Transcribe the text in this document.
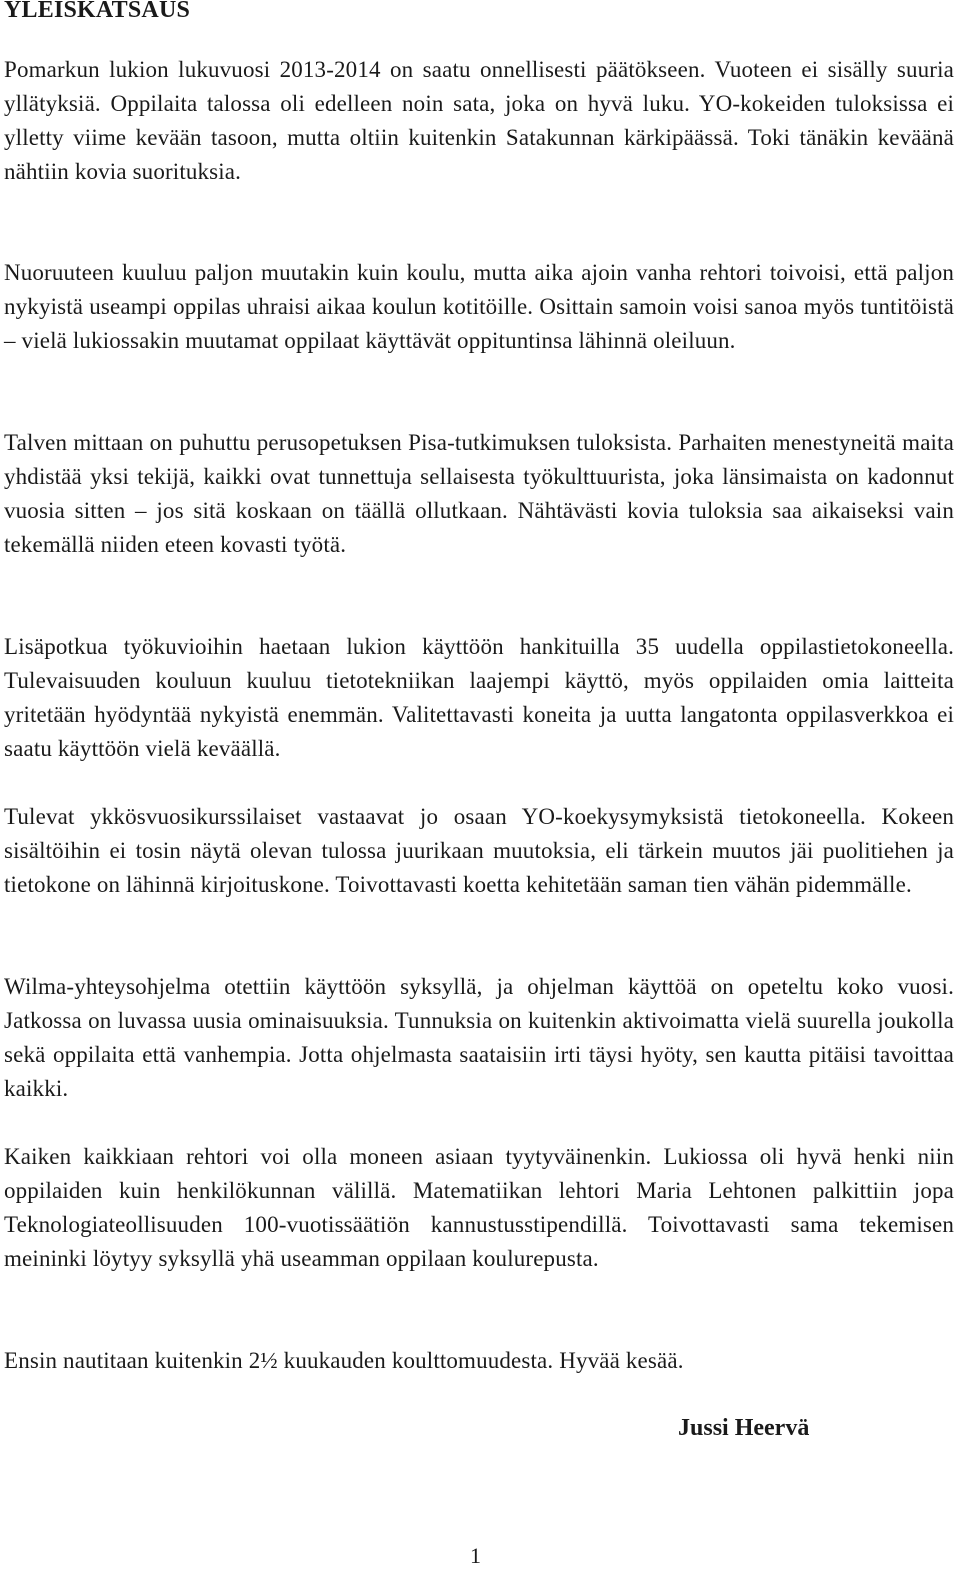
YLEISKATSAUS

Pomarkun lukion lukuvuosi 2013-2014 on saatu onnellisesti päätökseen. Vuoteen ei sisälly suuria yllätyksiä. Oppilaita talossa oli edelleen noin sata, joka on hyvä luku. YO-kokeiden tuloksissa ei ylletty viime kevään tasoon, mutta oltiin kuitenkin Satakunnan kärkipäässä. Toki tänäkin keväänä nähtiin kovia suorituksia.

Nuoruuteen kuuluu paljon muutakin kuin koulu, mutta aika ajoin vanha rehtori toivoisi, että paljon nykyistä useampi oppilas uhraisi aikaa koulun kotitöille. Osittain samoin voisi sanoa myös tuntitöistä – vielä lukiossakin muutamat oppilaat käyttävät oppituntinsa lähinnä oleiluun.

Talven mittaan on puhuttu perusopetuksen Pisa-tutkimuksen tuloksista. Parhaiten menestyneitä maita yhdistää yksi tekijä, kaikki ovat tunnettuja sellaisesta työkulttuurista, joka länsimaista on kadonnut vuosia sitten – jos sitä koskaan on täällä ollutkaan. Nähtävästi kovia tuloksia saa aikaiseksi vain tekemällä niiden eteen kovasti työtä.

Lisäpotkua työkuvioihin haetaan lukion käyttöön hankituilla 35 uudella oppilastietokoneella. Tulevaisuuden kouluun kuuluu tietotekniikan laajempi käyttö, myös oppilaiden omia laitteita yritetään hyödyntää nykyistä enemmän. Valitettavasti koneita ja uutta langatonta oppilasverkkoa ei saatu käyttöön vielä keväällä.

Tulevat ykkösvuosikurssilaiset vastaavat jo osaan YO-koekysymyksistä tietokoneella. Kokeen sisältöihin ei tosin näytä olevan tulossa juurikaan muutoksia, eli tärkein muutos jäi puolitiehen ja tietokone on lähinnä kirjoituskone. Toivottavasti koetta kehitetään saman tien vähän pidemmälle.

Wilma-yhteysohjelma otettiin käyttöön syksyllä, ja ohjelman käyttöä on opeteltu koko vuosi. Jatkossa on luvassa uusia ominaisuuksia. Tunnuksia on kuitenkin aktivoimatta vielä suurella joukolla sekä oppilaita että vanhempia. Jotta ohjelmasta saataisiin irti täysi hyöty, sen kautta pitäisi tavoittaa kaikki.

Kaiken kaikkiaan rehtori voi olla moneen asiaan tyytyväinenkin. Lukiossa oli hyvä henki niin oppilaiden kuin henkilökunnan välillä. Matematiikan lehtori Maria Lehtonen palkittiin jopa Teknologiateollisuuden 100-vuotissäätiön kannustusstipendillä. Toivottavasti sama tekemisen meininki löytyy syksyllä yhä useamman oppilaan koulurepusta.

Ensin nautitaan kuitenkin 2½ kuukauden koulttomuudesta. Hyvää kesää.

Jussi Heervä

1
